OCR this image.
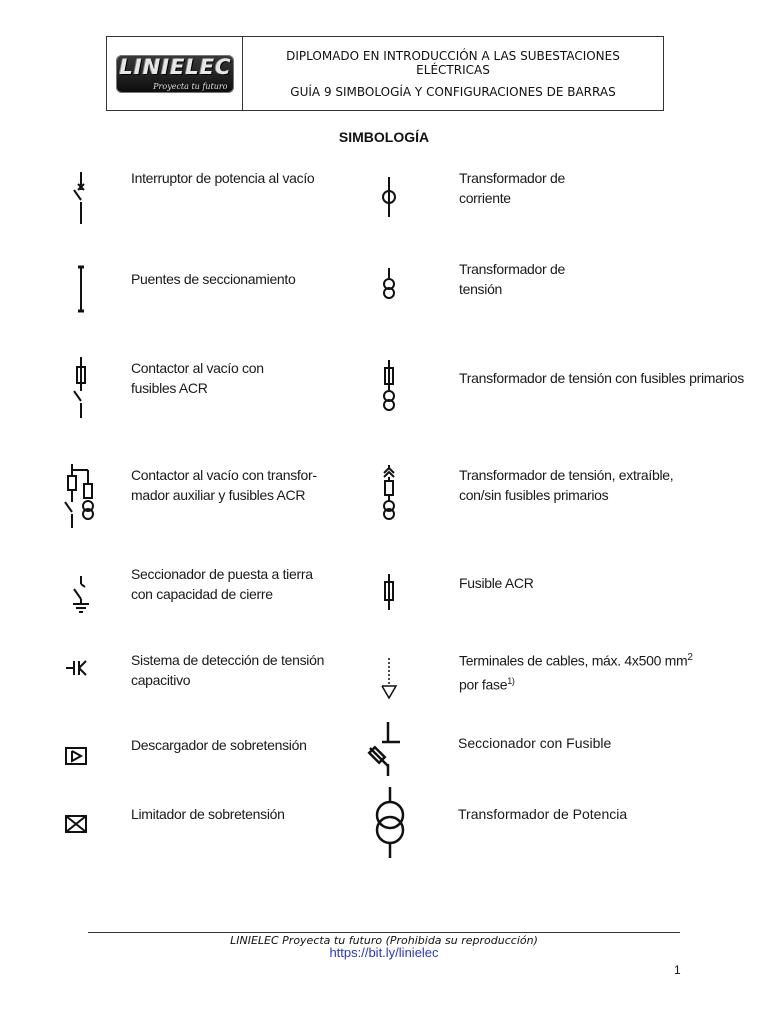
LINIELEC
Proyecta tu futuro
DIPLOMADO EN INTRODUCCIÓN A LAS SUBESTACIONES
ELÉCTRICAS
GUÍA 9 SIMBOLOGÍA Y CONFIGURACIONES DE BARRAS
SIMBOLOGÍA
Interruptor de potencia al vacío
Puentes de seccionamiento
Contactor al vacío con
fusibles ACR
Contactor al vacío con transfor-
mador auxiliar y fusibles ACR
Seccionador de puesta a tierra
con capacidad de cierre
Sistema de detección de tensión
capacitivo
Descargador de sobretensión
Limitador de sobretensión
Transformador de
corriente
Transformador de
tensión
Transformador de tensión con fusibles primarios
Transformador de tensión, extraíble,
con/sin fusibles primarios
Fusible ACR
Terminales de cables, máx. 4x500 $mm^2$
por fase$^{1)}$
Seccionador con Fusible
Transformador de Potencia
LINIELEC Proyecta tu futuro (Prohibida su reproducción)
https://bit.ly/linielec
1
